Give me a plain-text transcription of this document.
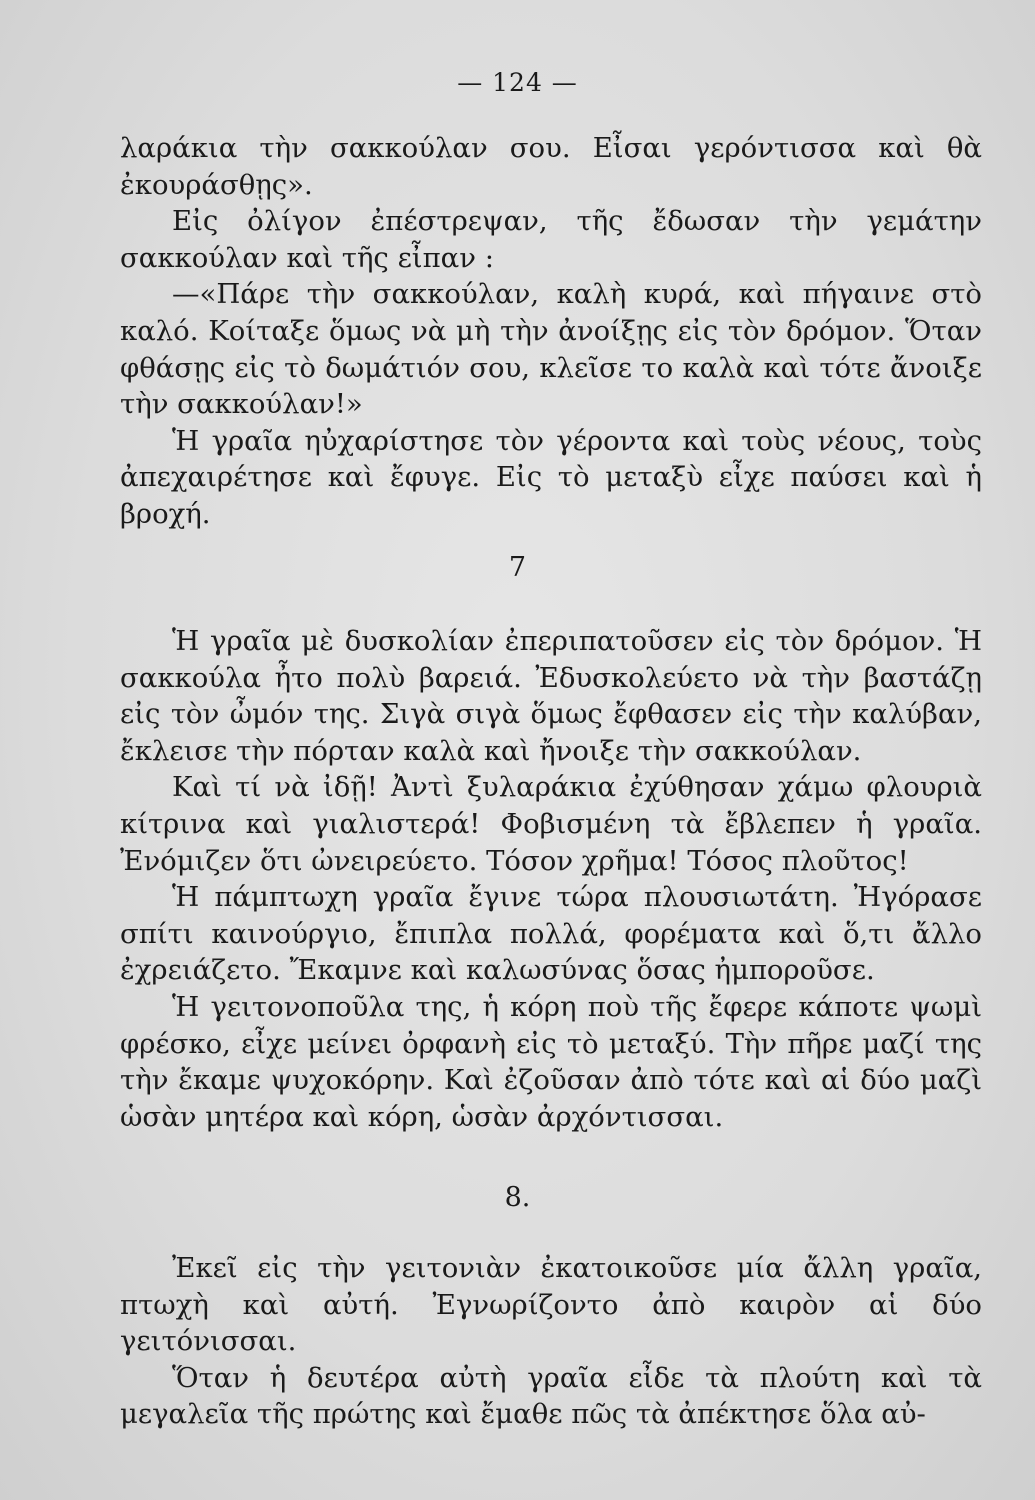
— 124 —

λαράκια τὴν σακκούλαν σου. Εἶσαι γερόντισσα καὶ θὰ ἐκουράσθῃς».

Εἰς ὀλίγον ἐπέστρεψαν, τῆς ἔδωσαν τὴν γεμάτην σακκούλαν καὶ τῆς εἶπαν :

—«Πάρε τὴν σακκούλαν, καλὴ κυρά, καὶ πήγαινε στὸ καλό. Κοίταξε ὅμως νὰ μὴ τὴν ἀνοίξῃς εἰς τὸν δρόμον. Ὅταν φθάσῃς εἰς τὸ δωμάτιόν σου, κλεῖσε το καλὰ καὶ τότε ἄνοιξε τὴν σακκούλαν!»

Ἡ γραῖα ηὐχαρίστησε τὸν γέροντα καὶ τοὺς νέους, τοὺς ἀπεχαιρέτησε καὶ ἔφυγε. Εἰς τὸ μεταξὺ εἶχε παύσει καὶ ἡ βροχή.

7

Ἡ γραῖα μὲ δυσκολίαν ἐπεριπατοῦσεν εἰς τὸν δρόμον. Ἡ σακκούλα ἦτο πολὺ βαρειά. Ἐδυσκολεύετο νὰ τὴν βαστάζῃ εἰς τὸν ὦμόν της. Σιγὰ σιγὰ ὅμως ἔφθασεν εἰς τὴν καλύβαν, ἔκλεισε τὴν πόρταν καλὰ καὶ ἤνοιξε τὴν σακκούλαν.

Καὶ τί νὰ ἰδῇ! Ἀντὶ ξυλαράκια ἐχύθησαν χάμω φλουριὰ κίτρινα καὶ γιαλιστερά! Φοβισμένη τὰ ἔβλεπεν ἡ γραῖα. Ἐνόμιζεν ὅτι ὠνειρεύετο. Τόσον χρῆμα! Τόσος πλοῦτος!

Ἡ πάμπτωχη γραῖα ἔγινε τώρα πλουσιωτάτη. Ἠγόρασε σπίτι καινούργιο, ἔπιπλα πολλά, φορέματα καὶ ὅ,τι ἄλλο ἐχρειάζετο. Ἔκαμνε καὶ καλωσύνας ὅσας ἠμποροῦσε.

Ἡ γειτονοποῦλα της, ἡ κόρη ποὺ τῆς ἔφερε κάποτε ψωμὶ φρέσκο, εἶχε μείνει ὀρφανὴ εἰς τὸ μεταξύ. Τὴν πῆρε μαζί της τὴν ἔκαμε ψυχοκόρην. Καὶ ἐζοῦσαν ἀπὸ τότε καὶ αἱ δύο μαζὶ ὡσὰν μητέρα καὶ κόρη, ὡσὰν ἀρχόντισσαι.

8.

Ἐκεῖ εἰς τὴν γειτονιὰν ἐκατοικοῦσε μία ἄλλη γραῖα, πτωχὴ καὶ αὐτή. Ἐγνωρίζοντο ἀπὸ καιρὸν αἱ δύο γειτόνισσαι.

Ὅταν ἡ δευτέρα αὐτὴ γραῖα εἶδε τὰ πλούτη καὶ τὰ μεγαλεῖα τῆς πρώτης καὶ ἔμαθε πῶς τὰ ἀπέκτησε ὅλα αὐ-
